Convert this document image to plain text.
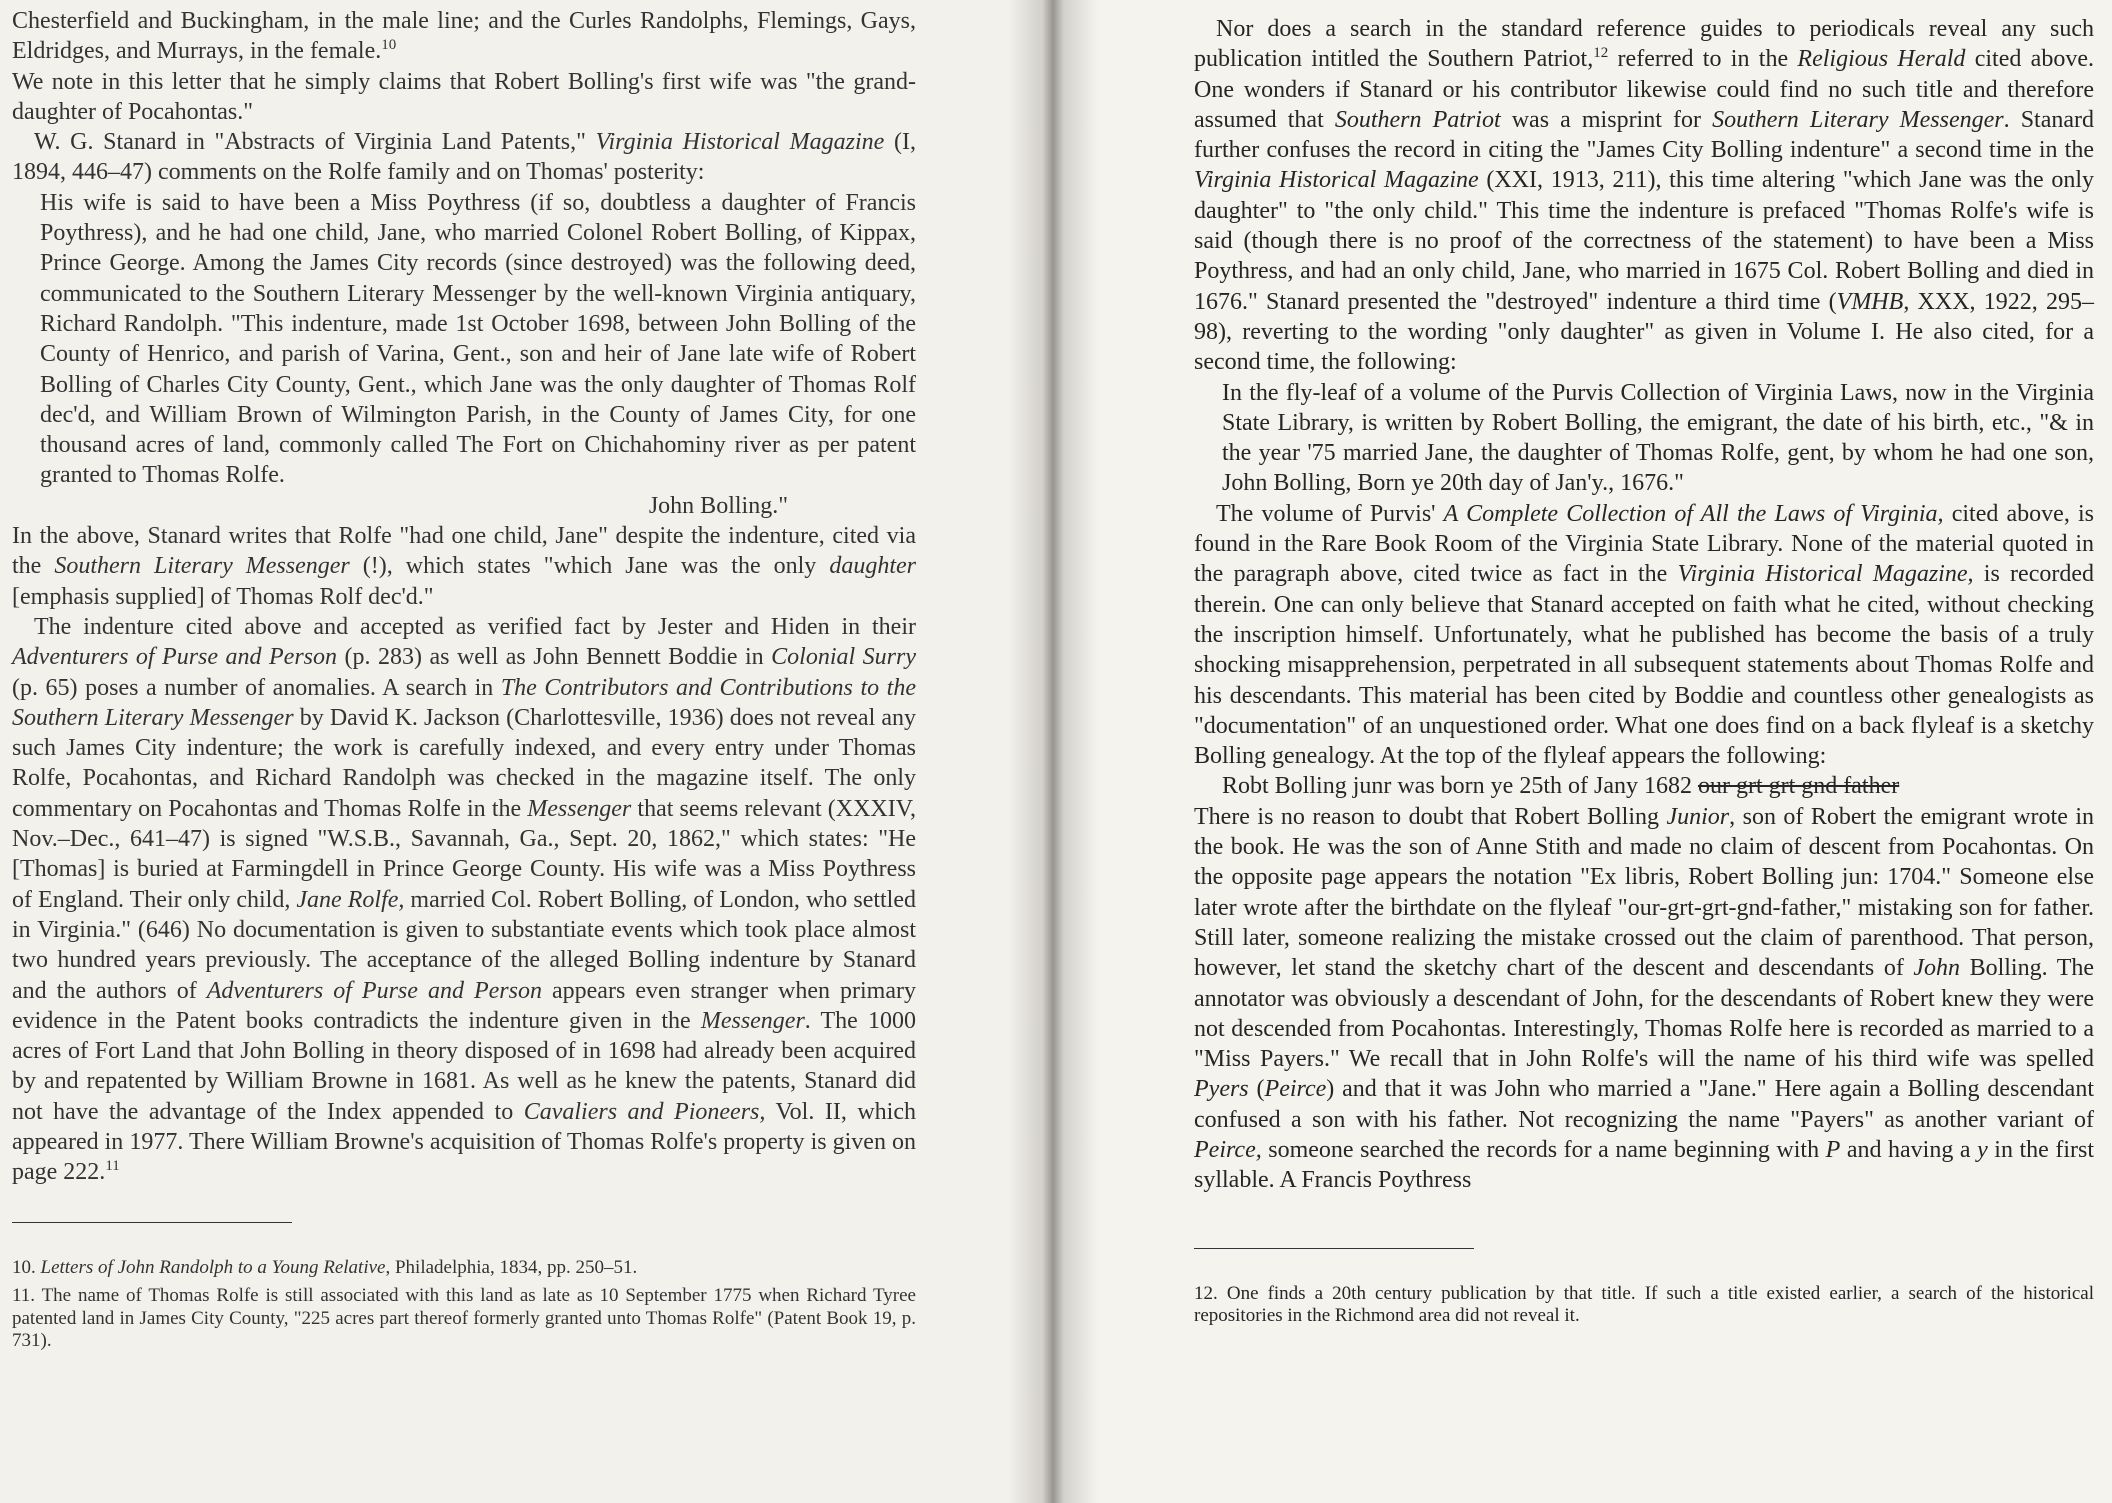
Chesterfield and Buckingham, in the male line; and the Curles Randolphs, Flemings, Gays, Eldridges, and Murrays, in the female.$^{10}$

We note in this letter that he simply claims that Robert Bolling's first wife was "the grand-daughter of Pocahontas."

W. G. Stanard in "Abstracts of Virginia Land Patents," Virginia Historical Magazine (I, 1894, 446–47) comments on the Rolfe family and on Thomas' posterity:

His wife is said to have been a Miss Poythress (if so, doubtless a daughter of Francis Poythress), and he had one child, Jane, who married Colonel Robert Bolling, of Kippax, Prince George. Among the James City records (since destroyed) was the following deed, communicated to the Southern Literary Messenger by the well-known Virginia antiquary, Richard Randolph. "This indenture, made 1st October 1698, between John Bolling of the County of Henrico, and parish of Varina, Gent., son and heir of Jane late wife of Robert Bolling of Charles City County, Gent., which Jane was the only daughter of Thomas Rolf dec'd, and William Brown of Wilmington Parish, in the County of James City, for one thousand acres of land, commonly called The Fort on Chichahominy river as per patent granted to Thomas Rolfe.

John Bolling."

In the above, Stanard writes that Rolfe "had one child, Jane" despite the indenture, cited via the Southern Literary Messenger (!), which states "which Jane was the only daughter [emphasis supplied] of Thomas Rolf dec'd."

The indenture cited above and accepted as verified fact by Jester and Hiden in their Adventurers of Purse and Person (p. 283) as well as John Bennett Boddie in Colonial Surry (p. 65) poses a number of anomalies. A search in The Contributors and Contributions to the Southern Literary Messenger by David K. Jackson (Charlottesville, 1936) does not reveal any such James City indenture; the work is carefully indexed, and every entry under Thomas Rolfe, Pocahontas, and Richard Randolph was checked in the magazine itself. The only commentary on Pocahontas and Thomas Rolfe in the Messenger that seems relevant (XXXIV, Nov.–Dec., 641–47) is signed "W.S.B., Savannah, Ga., Sept. 20, 1862," which states: "He [Thomas] is buried at Farmingdell in Prince George County. His wife was a Miss Poythress of England. Their only child, Jane Rolfe, married Col. Robert Bolling, of London, who settled in Virginia." (646) No documentation is given to substantiate events which took place almost two hundred years previously. The acceptance of the alleged Bolling indenture by Stanard and the authors of Adventurers of Purse and Person appears even stranger when primary evidence in the Patent books contradicts the indenture given in the Messenger. The 1000 acres of Fort Land that John Bolling in theory disposed of in 1698 had already been acquired by and repatented by William Browne in 1681. As well as he knew the patents, Stanard did not have the advantage of the Index appended to Cavaliers and Pioneers, Vol. II, which appeared in 1977. There William Browne's acquisition of Thomas Rolfe's property is given on page 222.11

10. Letters of John Randolph to a Young Relative, Philadelphia, 1834, pp. 250–51.

11. The name of Thomas Rolfe is still associated with this land as late as 10 September 1775 when Richard Tyree patented land in James City County, "225 acres part thereof formerly granted unto Thomas Rolfe" (Patent Book 19, p. 731).

Nor does a search in the standard reference guides to periodicals reveal any such publication intitled the Southern Patriot,$^{12}$ referred to in the Religious Herald cited above. One wonders if Stanard or his contributor likewise could find no such title and therefore assumed that Southern Patriot was a misprint for Southern Literary Messenger. Stanard further confuses the record in citing the "James City Bolling indenture" a second time in the Virginia Historical Magazine (XXI, 1913, 211), this time altering "which Jane was the only daughter" to "the only child." This time the indenture is prefaced "Thomas Rolfe's wife is said (though there is no proof of the correctness of the statement) to have been a Miss Poythress, and had an only child, Jane, who married in 1675 Col. Robert Bolling and died in 1676." Stanard presented the "destroyed" indenture a third time (VMHB, XXX, 1922, 295–98), reverting to the wording "only daughter" as given in Volume I. He also cited, for a second time, the following:

In the fly-leaf of a volume of the Purvis Collection of Virginia Laws, now in the Virginia State Library, is written by Robert Bolling, the emigrant, the date of his birth, etc., "& in the year '75 married Jane, the daughter of Thomas Rolfe, gent, by whom he had one son, John Bolling, Born ye 20th day of Jan'y., 1676."

The volume of Purvis' A Complete Collection of All the Laws of Virginia, cited above, is found in the Rare Book Room of the Virginia State Library. None of the material quoted in the paragraph above, cited twice as fact in the Virginia Historical Magazine, is recorded therein. One can only believe that Stanard accepted on faith what he cited, without checking the inscription himself. Unfortunately, what he published has become the basis of a truly shocking misapprehension, perpetrated in all subsequent statements about Thomas Rolfe and his descendants. This material has been cited by Boddie and countless other genealogists as "documentation" of an unquestioned order. What one does find on a back flyleaf is a sketchy Bolling genealogy. At the top of the flyleaf appears the following:

Robt Bolling junr was born ye 25th of Jany 1682 our grt grt gnd father

There is no reason to doubt that Robert Bolling Junior, son of Robert the emigrant wrote in the book. He was the son of Anne Stith and made no claim of descent from Pocahontas. On the opposite page appears the notation "Ex libris, Robert Bolling jun: 1704." Someone else later wrote after the birthdate on the flyleaf "our-grt-grt-gnd-father," mistaking son for father. Still later, someone realizing the mistake crossed out the claim of parenthood. That person, however, let stand the sketchy chart of the descent and descendants of John Bolling. The annotator was obviously a descendant of John, for the descendants of Robert knew they were not descended from Pocahontas. Interestingly, Thomas Rolfe here is recorded as married to a "Miss Payers." We recall that in John Rolfe's will the name of his third wife was spelled Pyers (Peirce) and that it was John who married a "Jane." Here again a Bolling descendant confused a son with his father. Not recognizing the name "Payers" as another variant of Peirce, someone searched the records for a name beginning with P and having a y in the first syllable. A Francis Poythress

12. One finds a 20th century publication by that title. If such a title existed earlier, a search of the historical repositories in the Richmond area did not reveal it.
